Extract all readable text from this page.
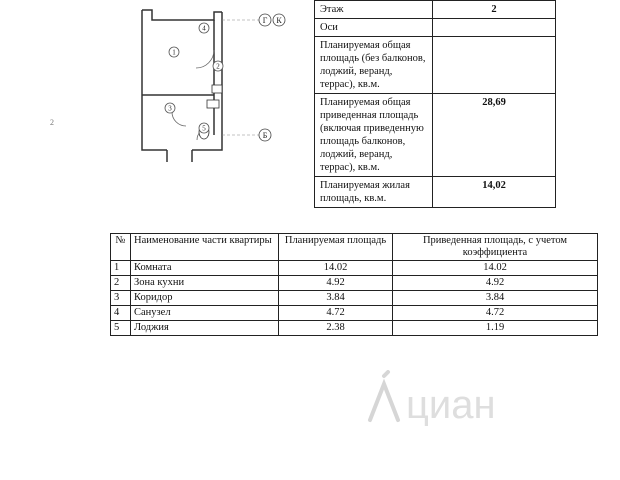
1
2
3
4
5
Г К
Б
2
Этаж	2
Оси	
Планируемая общая площадь (без балконов, лоджий, веранд, террас), кв.м.	
Планируемая общая приведенная площадь (включая приведенную площадь балконов, лоджий, веранд, террас), кв.м.	28,69
Планируемая жилая площадь, кв.м.	14,02
№	Наименование части квартиры	Планируемая площадь	Приведенная площадь, с учетом коэффициента
1	Комната	14.02	14.02
2	Зона кухни	4.92	4.92
3	Коридор	3.84	3.84
4	Санузел	4.72	4.72
5	Лоджия	2.38	1.19
циан
